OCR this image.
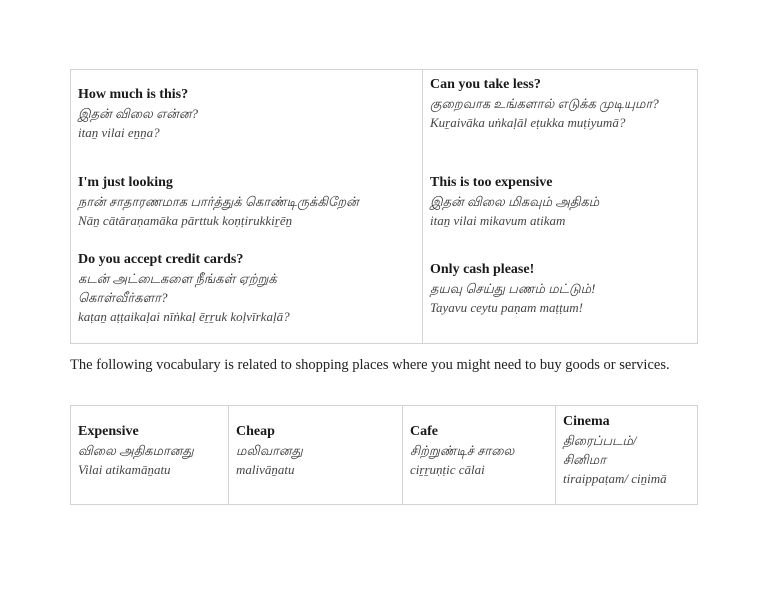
How much is this?
இதன் விலை என்ன?
itaṉ vilai eṉṉa?
Can you take less?
குறைவாக உங்களால் எடுக்க முடியுமா?
Kuṟaivāka uṅkaḷāl eṭukka muṭiyumā?
I'm just looking
நான் சாதாரணமாக பார்த்துக் கொண்டிருக்கிறேன்
Nāṉ cātāraṇamāka pārttuk koṇṭirukkiṟēṉ
This is too expensive
இதன் விலை மிகவும் அதிகம்
itaṉ vilai mikavum atikam
Do you accept credit cards?
கடன் அட்டைகளை நீங்கள் ஏற்றுக் கொள்வீர்களா?
kaṭaṉ aṭṭaikaḷai nīṅkaḷ ēṟṟuk koḷvīrkaḷā?
Only cash please!
தயவு செய்து பணம் மட்டும்!
Tayavu ceytu paṇam maṭṭum!
The following vocabulary is related to shopping places where you might need to buy goods or services.
Expensive
விலை அதிகமானது
Vilai atikamāṉatu
Cheap
மலிவானது
malivāṉatu
Cafe
சிற்றுண்டிச் சாலை
ciṟṟuṇṭic cālai
Cinema
திரைப்படம்/ சினிமா
tiraippaṭam/ ciṉimā
